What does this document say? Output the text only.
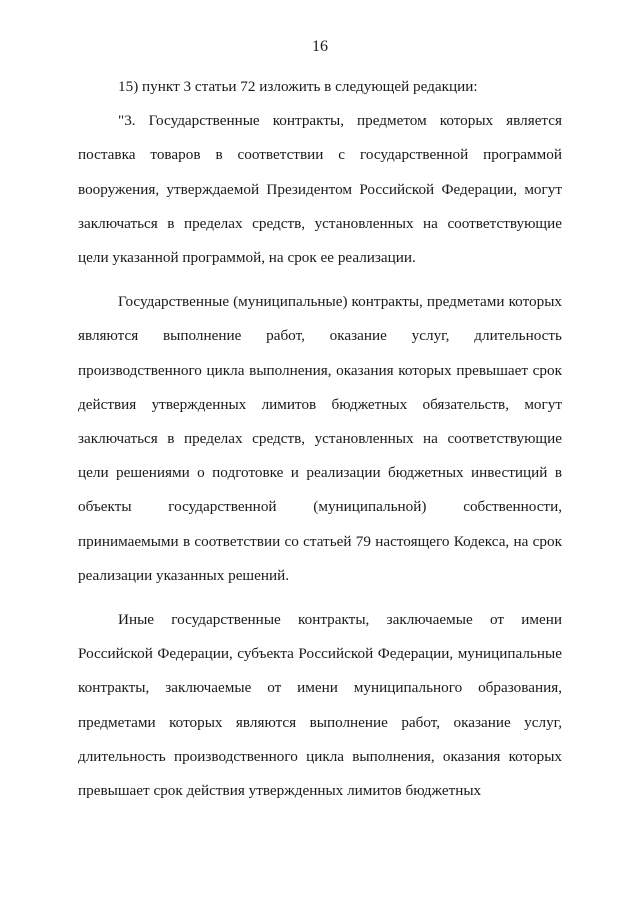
16

15) пункт 3 статьи 72 изложить в следующей редакции:

"3. Государственные контракты, предметом которых является поставка товаров в соответствии с государственной программой вооружения, утверждаемой Президентом Российской Федерации, могут заключаться в пределах средств, установленных на соответствующие цели указанной программой, на срок ее реализации.

Государственные (муниципальные) контракты, предметами которых являются выполнение работ, оказание услуг, длительность производственного цикла выполнения, оказания которых превышает срок действия утвержденных лимитов бюджетных обязательств, могут заключаться в пределах средств, установленных на соответствующие цели решениями о подготовке и реализации бюджетных инвестиций в объекты государственной (муниципальной) собственности, принимаемыми в соответствии со статьей 79 настоящего Кодекса, на срок реализации указанных решений.

Иные государственные контракты, заключаемые от имени Российской Федерации, субъекта Российской Федерации, муниципальные контракты, заключаемые от имени муниципального образования, предметами которых являются выполнение работ, оказание услуг, длительность производственного цикла выполнения, оказания которых превышает срок действия утвержденных лимитов бюджетных
